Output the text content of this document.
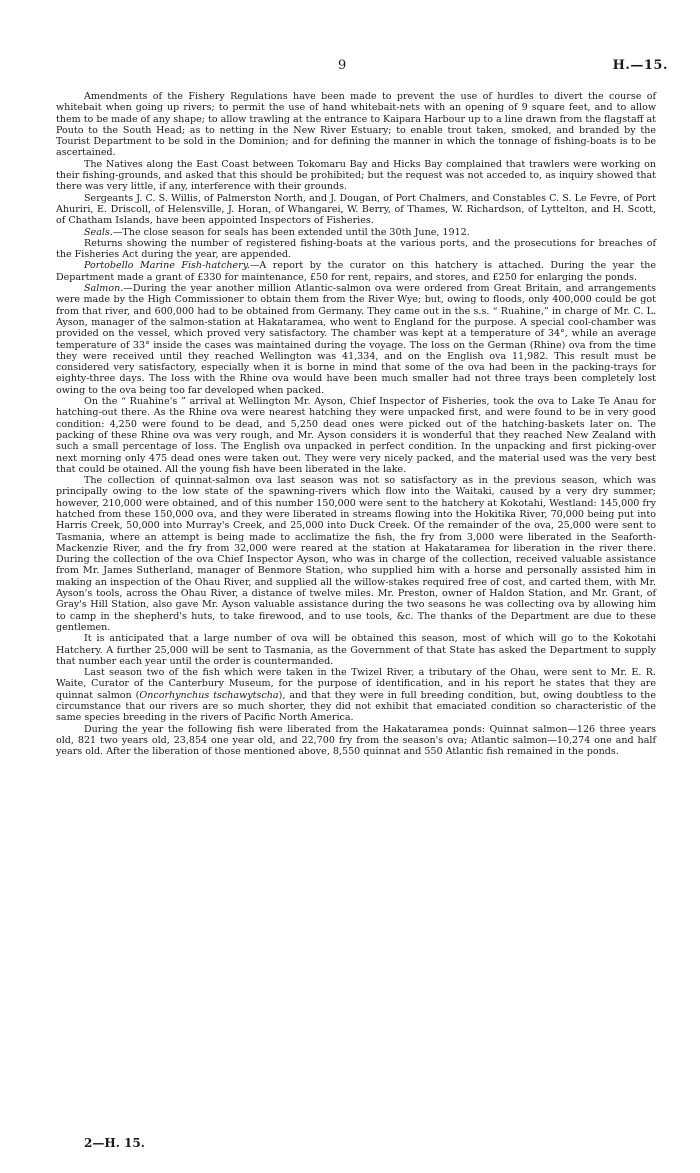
9	H.—15.

Amendments of the Fishery Regulations have been made to prevent the use of hurdles to divert the course of whitebait when going up rivers; to permit the use of hand whitebait-nets with an opening of 9 square feet, and to allow them to be made of any shape; to allow trawling at the entrance to Kaipara Harbour up to a line drawn from the flagstaff at Pouto to the South Head; as to netting in the New River Estuary; to enable trout taken, smoked, and branded by the Tourist Department to be sold in the Dominion; and for defining the manner in which the tonnage of fishing-boats is to be ascertained.

The Natives along the East Coast between Tokomaru Bay and Hicks Bay complained that trawlers were working on their fishing-grounds, and asked that this should be prohibited; but the request was not acceded to, as inquiry showed that there was very little, if any, interference with their grounds.

Sergeants J. C. S. Willis, of Palmerston North, and J. Dougan, of Port Chalmers, and Constables C. S. Le Fevre, of Port Ahuriri, E. Driscoll, of Helensville, J. Horan, of Whangarei, W. Berry, of Thames, W. Richardson, of Lyttelton, and H. Scott, of Chatham Islands, have been appointed Inspectors of Fisheries.

Seals.—The close season for seals has been extended until the 30th June, 1912.

Returns showing the number of registered fishing-boats at the various ports, and the prosecutions for breaches of the Fisheries Act during the year, are appended.

Portobello Marine Fish-hatchery.—A report by the curator on this hatchery is attached. During the year the Department made a grant of £330 for maintenance, £50 for rent, repairs, and stores, and £250 for enlarging the ponds.

Salmon.—During the year another million Atlantic-salmon ova were ordered from Great Britain, and arrangements were made by the High Commissioner to obtain them from the River Wye; but, owing to floods, only 400,000 could be got from that river, and 600,000 had to be obtained from Germany. They came out in the s.s. “ Ruahine,” in charge of Mr. C. L. Ayson, manager of the salmon-station at Hakataramea, who went to England for the purpose. A special cool-chamber was provided on the vessel, which proved very satisfactory. The chamber was kept at a temperature of 34°, while an average temperature of 33° inside the cases was maintained during the voyage. The loss on the German (Rhine) ova from the time they were received until they reached Wellington was 41,334, and on the English ova 11,982. This result must be considered very satisfactory, especially when it is borne in mind that some of the ova had been in the packing-trays for eighty-three days. The loss with the Rhine ova would have been much smaller had not three trays been completely lost owing to the ova being too far developed when packed.

On the “ Ruahine's ” arrival at Wellington Mr. Ayson, Chief Inspector of Fisheries, took the ova to Lake Te Anau for hatching-out there. As the Rhine ova were nearest hatching they were unpacked first, and were found to be in very good condition: 4,250 were found to be dead, and 5,250 dead ones were picked out of the hatching-baskets later on. The packing of these Rhine ova was very rough, and Mr. Ayson considers it is wonderful that they reached New Zealand with such a small percentage of loss. The English ova unpacked in perfect condition. In the unpacking and first picking-over next morning only 475 dead ones were taken out. They were very nicely packed, and the material used was the very best that could be otained. All the young fish have been liberated in the lake.

The collection of quinnat-salmon ova last season was not so satisfactory as in the previous season, which was principally owing to the low state of the spawning-rivers which flow into the Waitaki, caused by a very dry summer; however, 210,000 were obtained, and of this number 150,000 were sent to the hatchery at Kokotahi, Westland: 145,000 fry hatched from these 150,000 ova, and they were liberated in streams flowing into the Hokitika River, 70,000 being put into Harris Creek, 50,000 into Murray's Creek, and 25,000 into Duck Creek. Of the remainder of the ova, 25,000 were sent to Tasmania, where an attempt is being made to acclimatize the fish, the fry from 3,000 were liberated in the Seaforth-Mackenzie River, and the fry from 32,000 were reared at the station at Hakataramea for liberation in the river there. During the collection of the ova Chief Inspector Ayson, who was in charge of the collection, received valuable assistance from Mr. James Sutherland, manager of Benmore Station, who supplied him with a horse and personally assisted him in making an inspection of the Ohau River, and supplied all the willow-stakes required free of cost, and carted them, with Mr. Ayson's tools, across the Ohau River, a distance of twelve miles. Mr. Preston, owner of Haldon Station, and Mr. Grant, of Gray's Hill Station, also gave Mr. Ayson valuable assistance during the two seasons he was collecting ova by allowing him to camp in the shepherd's huts, to take firewood, and to use tools, &c. The thanks of the Department are due to these gentlemen.

It is anticipated that a large number of ova will be obtained this season, most of which will go to the Kokotahi Hatchery. A further 25,000 will be sent to Tasmania, as the Government of that State has asked the Department to supply that number each year until the order is countermanded.

Last season two of the fish which were taken in the Twizel River, a tributary of the Ohau, were sent to Mr. E. R. Waite, Curator of the Canterbury Museum, for the purpose of identification, and in his report he states that they are quinnat salmon (Oncorhynchus tschawytscha), and that they were in full breeding condition, but, owing doubtless to the circumstance that our rivers are so much shorter, they did not exhibit that emaciated condition so characteristic of the same species breeding in the rivers of Pacific North America.

During the year the following fish were liberated from the Hakataramea ponds: Quinnat salmon—126 three years old, 821 two years old, 23,854 one year old, and 22,700 fry from the season's ova; Atlantic salmon—10,274 one and half years old. After the liberation of those mentioned above, 8,550 quinnat and 550 Atlantic fish remained in the ponds.

2—H. 15.
